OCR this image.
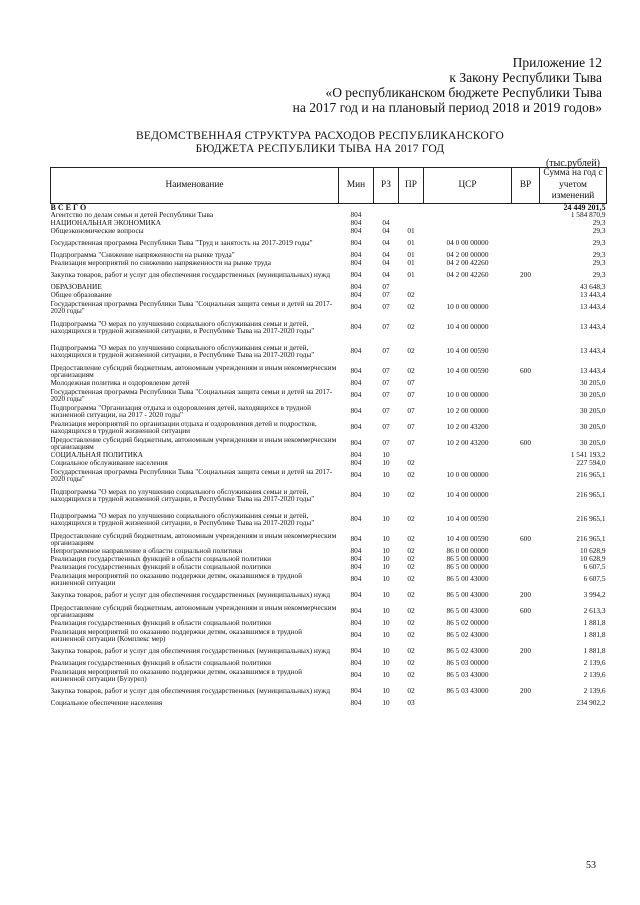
Приложение 12
к Закону Республики Тыва
«О республиканском бюджете Республики Тыва
на 2017 год и на плановый период 2018 и 2019 годов»
ВЕДОМСТВЕННАЯ СТРУКТУРА РАСХОДОВ РЕСПУБЛИКАНСКОГО
БЮДЖЕТА РЕСПУБЛИКИ ТЫВА НА 2017 ГОД
(тыс.рублей)
Наименование	Мин	РЗ	ПР	ЦСР	ВР	Сумма на год с учетом изменений
В С Е Г О						24 449 201,5
Агентство по делам семьи и детей Республики Тыва	804					1 584 870,9
НАЦИОНАЛЬНАЯ ЭКОНОМИКА	804	04				29,3
Общеэкономические вопросы	804	04	01			29,3
Государственная программа Республики Тыва "Труд и занятость на 2017-2019 годы"	804	04	01	04 0 00 00000		29,3
Подпрограмма "Снижение напряженности на рынке труда"	804	04	01	04 2 00 00000		29,3
Реализация мероприятий по снижению напряженности на рынке труда	804	04	01	04 2 00 42260		29,3
Закупка товаров, работ и услуг для обеспечения государственных (муниципальных) нужд	804	04	01	04 2 00 42260	200	29,3
ОБРАЗОВАНИЕ	804	07				43 648,3
Общее образование	804	07	02			13 443,4
Государственная программа Республики Тыва "Социальная защита семьи и детей на 2017-2020 годы"	804	07	02	10 0 00 00000		13 443,4
Подпрограмма "О мерах по улучшению социального обслуживания семьи и детей, находящихся в трудной жизненной ситуации, в Республике Тыва на 2017-2020 годы"	804	07	02	10 4 00 00000		13 443,4
Подпрограмма "О мерах по улучшению социального обслуживания семьи и детей, находящихся в трудной жизненной ситуации, в Республике Тыва на 2017-2020 годы"	804	07	02	10 4 00 00590		13 443,4
Предоставление субсидий бюджетным, автономным учреждениям и иным некоммерческим организациям	804	07	02	10 4 00 00590	600	13 443,4
Молодежная политика и оздоровление детей	804	07	07			30 205,0
Государственная программа Республики Тыва "Социальная защита семьи и детей на 2017-2020 годы"	804	07	07	10 0 00 00000		30 205,0
Подпрограмма "Организация отдыха и оздоровления детей, находящихся в трудной жизненной ситуации, на 2017 - 2020 годы"	804	07	07	10 2 00 00000		30 205,0
Реализация мероприятий по организации отдыха и оздоровления детей и подростков, находящихся в трудной жизненной ситуации	804	07	07	10 2 00 43200		30 205,0
Предоставление субсидий бюджетным, автономным учреждениям и иным некоммерческим организациям	804	07	07	10 2 00 43200	600	30 205,0
СОЦИАЛЬНАЯ ПОЛИТИКА	804	10				1 541 193,2
Социальное обслуживание населения	804	10	02			227 594,0
Государственная программа Республики Тыва "Социальная защита семьи и детей на 2017-2020 годы"	804	10	02	10 0 00 00000		216 965,1
Подпрограмма "О мерах по улучшению социального обслуживания семьи и детей, находящихся в трудной жизненной ситуации, в Республике Тыва на 2017-2020 годы"	804	10	02	10 4 00 00000		216 965,1
Подпрограмма "О мерах по улучшению социального обслуживания семьи и детей, находящихся в трудной жизненной ситуации, в Республике Тыва на 2017-2020 годы"	804	10	02	10 4 00 00590		216 965,1
Предоставление субсидий бюджетным, автономным учреждениям и иным некоммерческим организациям	804	10	02	10 4 00 00590	600	216 965,1
Непрограммное направление в области социальной политики	804	10	02	86 0 00 00000		10 628,9
Реализация государственных функций в области социальной политики	804	10	02	86 5 00 00000		10 628,9
Реализация государственных функций в области социальной политики	804	10	02	86 5 00 00000		6 607,5
Реализация мероприятий по оказанию поддержки детям, оказавшимся в трудной жизненной ситуации	804	10	02	86 5 00 43000		6 607,5
Закупка товаров, работ и услуг для обеспечения государственных (муниципальных) нужд	804	10	02	86 5 00 43000	200	3 994,2
Предоставление субсидий бюджетным, автономным учреждениям и иным некоммерческим организациям	804	10	02	86 5 00 43000	600	2 613,3
Реализация государственных функций в области социальной политики	804	10	02	86 5 02 00000		1 881,8
Реализация мероприятий по оказанию поддержки детям, оказавшимся в трудной жизненной ситуации (Комплекс мер)	804	10	02	86 5 02 43000		1 881,8
Закупка товаров, работ и услуг для обеспечения государственных (муниципальных) нужд	804	10	02	86 5 02 43000	200	1 881,8
Реализация государственных функций в области социальной политики	804	10	02	86 5 03 00000		2 139,6
Реализация мероприятий по оказанию поддержки детям, оказавшимся в трудной жизненной ситуации (Бузурел)	804	10	02	86 5 03 43000		2 139,6
Закупка товаров, работ и услуг для обеспечения государственных (муниципальных) нужд	804	10	02	86 5 03 43000	200	2 139,6
Социальное обеспечение населения	804	10	03			234 902,2
53
